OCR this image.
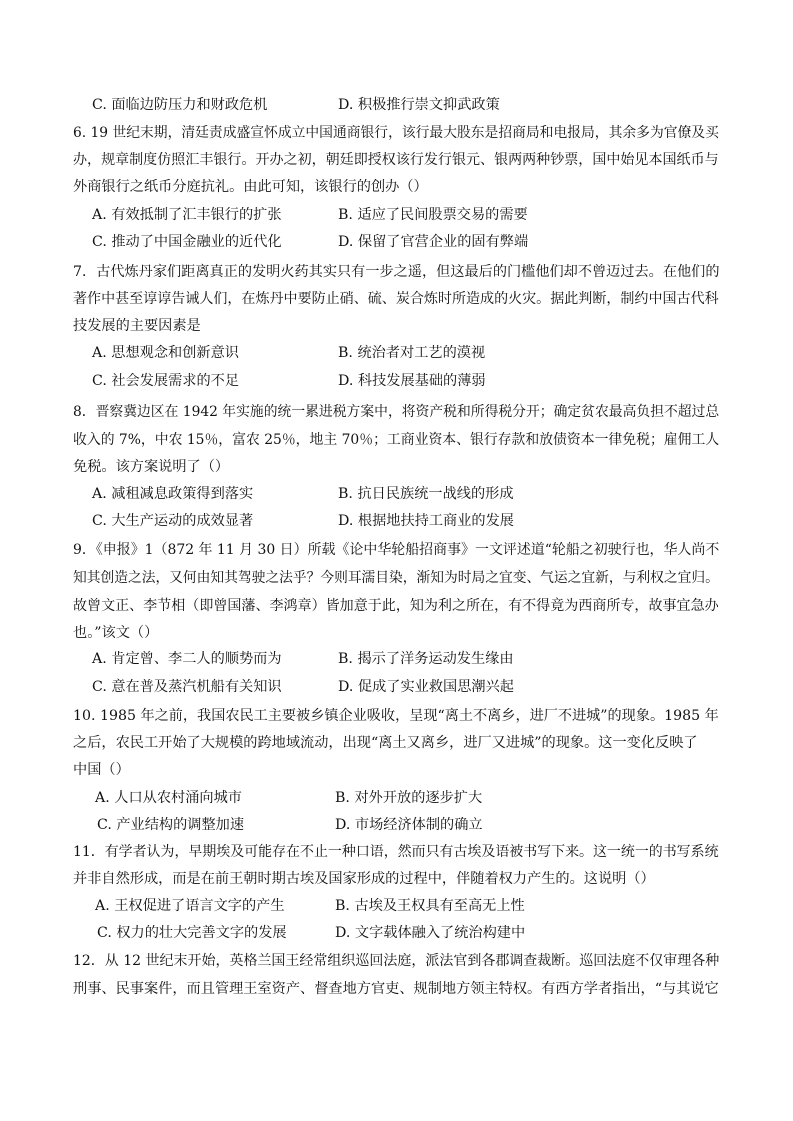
C. 面临边防压力和财政危机	D. 积极推行崇文抑武政策
6. 19 世纪末期，清廷责成盛宣怀成立中国通商银行，该行最大股东是招商局和电报局，其余多为官僚及买
办，规章制度仿照汇丰银行。开办之初，朝廷即授权该行发行银元、银两两种钞票，国中始见本国纸币与
外商银行之纸币分庭抗礼。由此可知，该银行的创办（）
A. 有效抵制了汇丰银行的扩张	B. 适应了民间股票交易的需要
C. 推动了中国金融业的近代化	D. 保留了官营企业的固有弊端
7．古代炼丹家们距离真正的发明火药其实只有一步之遥，但这最后的门槛他们却不曾迈过去。在他们的
著作中甚至谆谆告诫人们，在炼丹中要防止硝、硫、炭合炼时所造成的火灾。据此判断，制约中国古代科
技发展的主要因素是
A. 思想观念和创新意识	B. 统治者对工艺的漠视
C. 社会发展需求的不足	D. 科技发展基础的薄弱
8．晋察冀边区在 1942 年实施的统一累进税方案中，将资产税和所得税分开；确定贫农最高负担不超过总
收入的 7%，中农 15％，富农 25％，地主 70％；工商业资本、银行存款和放债资本一律免税；雇佣工人
免税。该方案说明了（）
A. 减租减息政策得到落实	B. 抗日民族统一战线的形成
C. 大生产运动的成效显著	D. 根据地扶持工商业的发展
9．《申报》1（872 年 11 月 30 日）所载《论中华轮船招商事》一文评述道“轮船之初驶行也，华人尚不
知其创造之法，又何由知其驾驶之法乎？今则耳濡目染，渐知为时局之宜变、气运之宜新，与利权之宜归。
故曾文正、李节相（即曾国藩、李鸿章）皆加意于此，知为利之所在，有不得竟为西商所专，故事宜急办
也。”该文（）
A. 肯定曾、李二人的顺势而为	B. 揭示了洋务运动发生缘由
C. 意在普及蒸汽机船有关知识	D. 促成了实业救国思潮兴起
10. 1985 年之前，我国农民工主要被乡镇企业吸收，呈现“离土不离乡，进厂不进城”的现象。1985 年
之后，农民工开始了大规模的跨地域流动，出现“离土又离乡，进厂又进城”的现象。这一变化反映了
中国（）
A. 人口从农村涌向城市	B. 对外开放的逐步扩大
C. 产业结构的调整加速	D. 市场经济体制的确立
11．有学者认为，早期埃及可能存在不止一种口语，然而只有古埃及语被书写下来。这一统一的书写系统
并非自然形成，而是在前王朝时期古埃及国家形成的过程中，伴随着权力产生的。这说明（）
A. 王权促进了语言文字的产生	B. 古埃及王权具有至高无上性
C. 权力的壮大完善文字的发展	D. 文字载体融入了统治构建中
12．从 12 世纪末开始，英格兰国王经常组织巡回法庭，派法官到各郡调查裁断。巡回法庭不仅审理各种
刑事、民事案件，而且管理王室资产、督查地方官吏、规制地方领主特权。有西方学者指出，“与其说它
